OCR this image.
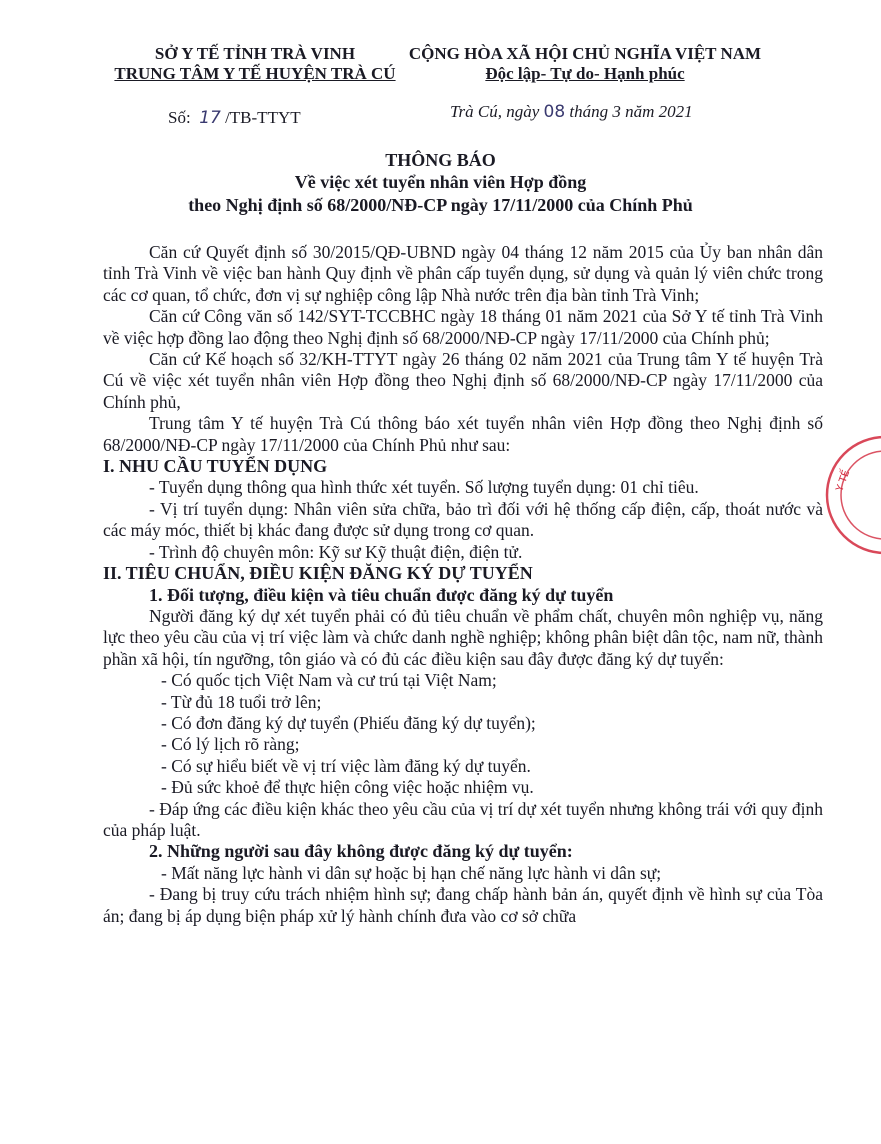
SỞ Y TẾ TỈNH TRÀ VINH
TRUNG TÂM Y TẾ HUYỆN TRÀ CÚ
CỘNG HÒA XÃ HỘI CHỦ NGHĨA VIỆT NAM
Độc lập- Tự do- Hạnh phúc
Số: 17 /TB-TTYT	Trà Cú, ngày 08 tháng 3 năm 2021
THÔNG BÁO
Về việc xét tuyển nhân viên Hợp đồng
theo Nghị định số 68/2000/NĐ-CP ngày 17/11/2000 của Chính Phủ

Căn cứ Quyết định số 30/2015/QĐ-UBND ngày 04 tháng 12 năm 2015 của Ủy ban nhân dân tỉnh Trà Vinh về việc ban hành Quy định về phân cấp tuyển dụng, sử dụng và quản lý viên chức trong các cơ quan, tổ chức, đơn vị sự nghiệp công lập Nhà nước trên địa bàn tỉnh Trà Vinh;

Căn cứ Công văn số 142/SYT-TCCBHC ngày 18 tháng 01 năm 2021 của Sở Y tế tỉnh Trà Vinh về việc hợp đồng lao động theo Nghị định số 68/2000/NĐ-CP ngày 17/11/2000 của Chính phủ;

Căn cứ Kế hoạch số 32/KH-TTYT ngày 26 tháng 02 năm 2021 của Trung tâm Y tế huyện Trà Cú về việc xét tuyển nhân viên Hợp đồng theo Nghị định số 68/2000/NĐ-CP ngày 17/11/2000 của Chính phủ,

Trung tâm Y tế huyện Trà Cú thông báo xét tuyển nhân viên Hợp đồng theo Nghị định số 68/2000/NĐ-CP ngày 17/11/2000 của Chính Phủ như sau:

I. NHU CẦU TUYỂN DỤNG

- Tuyển dụng thông qua hình thức xét tuyển. Số lượng tuyển dụng: 01 chỉ tiêu.

- Vị trí tuyển dụng: Nhân viên sửa chữa, bảo trì đối với hệ thống cấp điện, cấp, thoát nước và các máy móc, thiết bị khác đang được sử dụng trong cơ quan.

- Trình độ chuyên môn: Kỹ sư Kỹ thuật điện, điện tử.

II. TIÊU CHUẨN, ĐIỀU KIỆN ĐĂNG KÝ DỰ TUYỂN

1. Đối tượng, điều kiện và tiêu chuẩn được đăng ký dự tuyển

Người đăng ký dự xét tuyển phải có đủ tiêu chuẩn về phẩm chất, chuyên môn nghiệp vụ, năng lực theo yêu cầu của vị trí việc làm và chức danh nghề nghiệp; không phân biệt dân tộc, nam nữ, thành phần xã hội, tín ngưỡng, tôn giáo và có đủ các điều kiện sau đây được đăng ký dự tuyển:

- Có quốc tịch Việt Nam và cư trú tại Việt Nam;

- Từ đủ 18 tuổi trở lên;

- Có đơn đăng ký dự tuyển (Phiếu đăng ký dự tuyển);

- Có lý lịch rõ ràng;

- Có sự hiểu biết về vị trí việc làm đăng ký dự tuyển.

- Đủ sức khoẻ để thực hiện công việc hoặc nhiệm vụ.

- Đáp ứng các điều kiện khác theo yêu cầu của vị trí dự xét tuyển nhưng không trái với quy định của pháp luật.

2. Những người sau đây không được đăng ký dự tuyển:

- Mất năng lực hành vi dân sự hoặc bị hạn chế năng lực hành vi dân sự;

- Đang bị truy cứu trách nhiệm hình sự; đang chấp hành bản án, quyết định về hình sự của Tòa án; đang bị áp dụng biện pháp xử lý hành chính đưa vào cơ sở chữa

Y TẾ
